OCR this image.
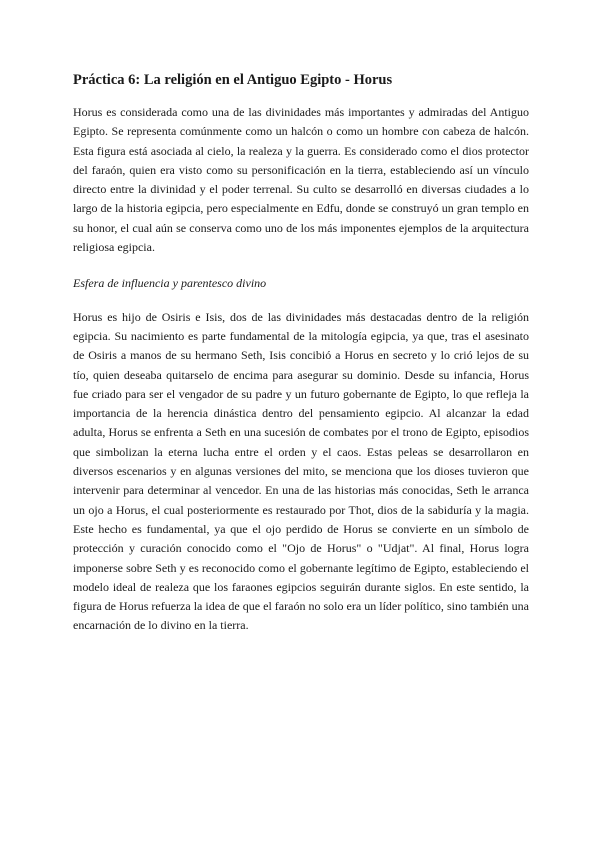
Práctica 6: La religión en el Antiguo Egipto - Horus

Horus es considerada como una de las divinidades más importantes y admiradas del Antiguo Egipto. Se representa comúnmente como un halcón o como un hombre con cabeza de halcón. Esta figura está asociada al cielo, la realeza y la guerra. Es considerado como el dios protector del faraón, quien era visto como su personificación en la tierra, estableciendo así un vínculo directo entre la divinidad y el poder terrenal. Su culto se desarrolló en diversas ciudades a lo largo de la historia egipcia, pero especialmente en Edfu, donde se construyó un gran templo en su honor, el cual aún se conserva como uno de los más imponentes ejemplos de la arquitectura religiosa egipcia.

Esfera de influencia y parentesco divino

Horus es hijo de Osiris e Isis, dos de las divinidades más destacadas dentro de la religión egipcia. Su nacimiento es parte fundamental de la mitología egipcia, ya que, tras el asesinato de Osiris a manos de su hermano Seth, Isis concibió a Horus en secreto y lo crió lejos de su tío, quien deseaba quitarselo de encima para asegurar su dominio. Desde su infancia, Horus fue criado para ser el vengador de su padre y un futuro gobernante de Egipto, lo que refleja la importancia de la herencia dinástica dentro del pensamiento egipcio. Al alcanzar la edad adulta, Horus se enfrenta a Seth en una sucesión de combates por el trono de Egipto, episodios que simbolizan la eterna lucha entre el orden y el caos. Estas peleas se desarrollaron en diversos escenarios y en algunas versiones del mito, se menciona que los dioses tuvieron que intervenir para determinar al vencedor. En una de las historias más conocidas, Seth le arranca un ojo a Horus, el cual posteriormente es restaurado por Thot, dios de la sabiduría y la magia. Este hecho es fundamental, ya que el ojo perdido de Horus se convierte en un símbolo de protección y curación conocido como el "Ojo de Horus" o "Udjat". Al final, Horus logra imponerse sobre Seth y es reconocido como el gobernante legítimo de Egipto, estableciendo el modelo ideal de realeza que los faraones egipcios seguirán durante siglos. En este sentido, la figura de Horus refuerza la idea de que el faraón no solo era un líder político, sino también una encarnación de lo divino en la tierra.
